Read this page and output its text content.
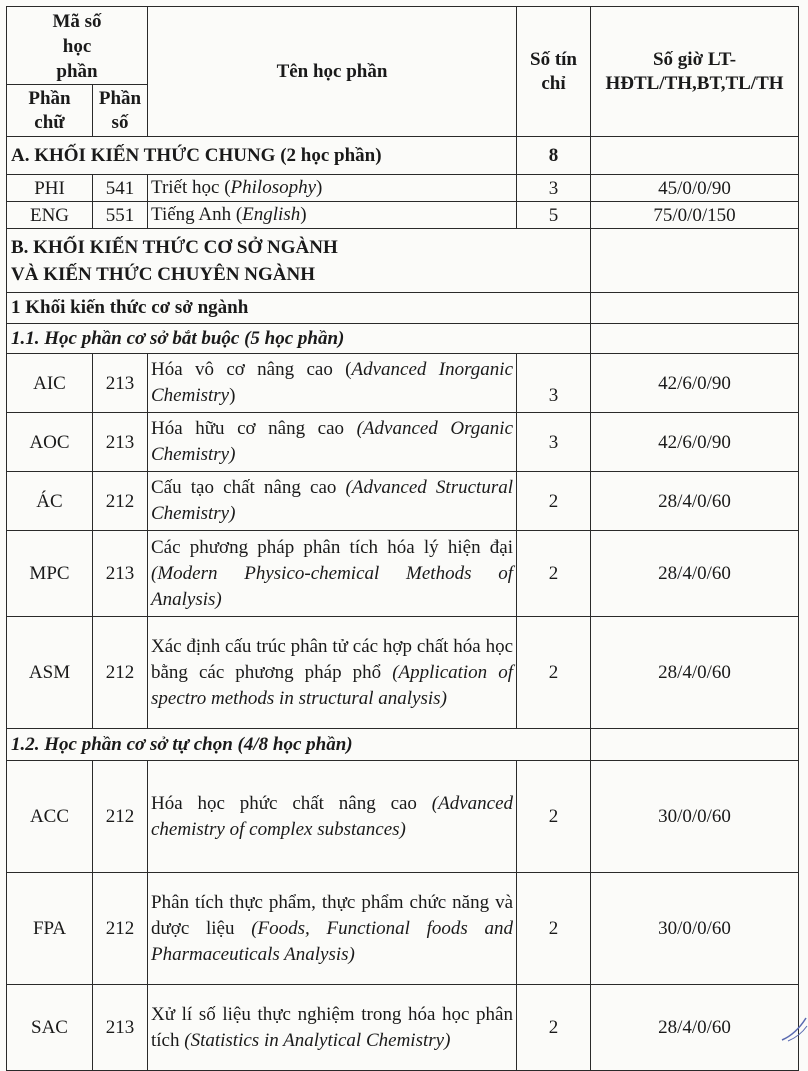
Mã số học phần		Tên học phần	Số tín chỉ	Số giờ LT-HĐTL/TH,BT,TL/TH
Phần chữ	Phần số			
A. KHỐI KIẾN THỨC CHUNG (2 học phần)			8	
PHI	541	Triết học (Philosophy)	3	45/0/0/90
ENG	551	Tiếng Anh (English)	5	75/0/0/150
B. KHỐI KIẾN THỨC CƠ SỞ NGÀNH
VÀ KIẾN THỨC CHUYÊN NGÀNH				
1 Khối kiến thức cơ sở ngành				
1.1. Học phần cơ sở bắt buộc (5 học phần)				
AIC	213	Hóa vô cơ nâng cao (Advanced Inorganic Chemistry)	3	42/6/0/90
AOC	213	Hóa hữu cơ nâng cao (Advanced Organic Chemistry)	3	42/6/0/90
ÁC	212	Cấu tạo chất nâng cao (Advanced Structural Chemistry)	2	28/4/0/60
MPC	213	Các phương pháp phân tích hóa lý hiện đại (Modern Physico-chemical Methods of Analysis)	2	28/4/0/60
ASM	212	Xác định cấu trúc phân tử các hợp chất hóa học bằng các phương pháp phổ (Application of spectro methods in structural analysis)	2	28/4/0/60
1.2. Học phần cơ sở tự chọn (4/8 học phần)				
ACC	212	Hóa học phức chất nâng cao (Advanced chemistry of complex substances)	2	30/0/0/60
FPA	212	Phân tích thực phẩm, thực phẩm chức năng và dược liệu (Foods, Functional foods and Pharmaceuticals Analysis)	2	30/0/0/60
SAC	213	Xử lí số liệu thực nghiệm trong hóa học phân tích (Statistics in Analytical Chemistry)	2	28/4/0/60
